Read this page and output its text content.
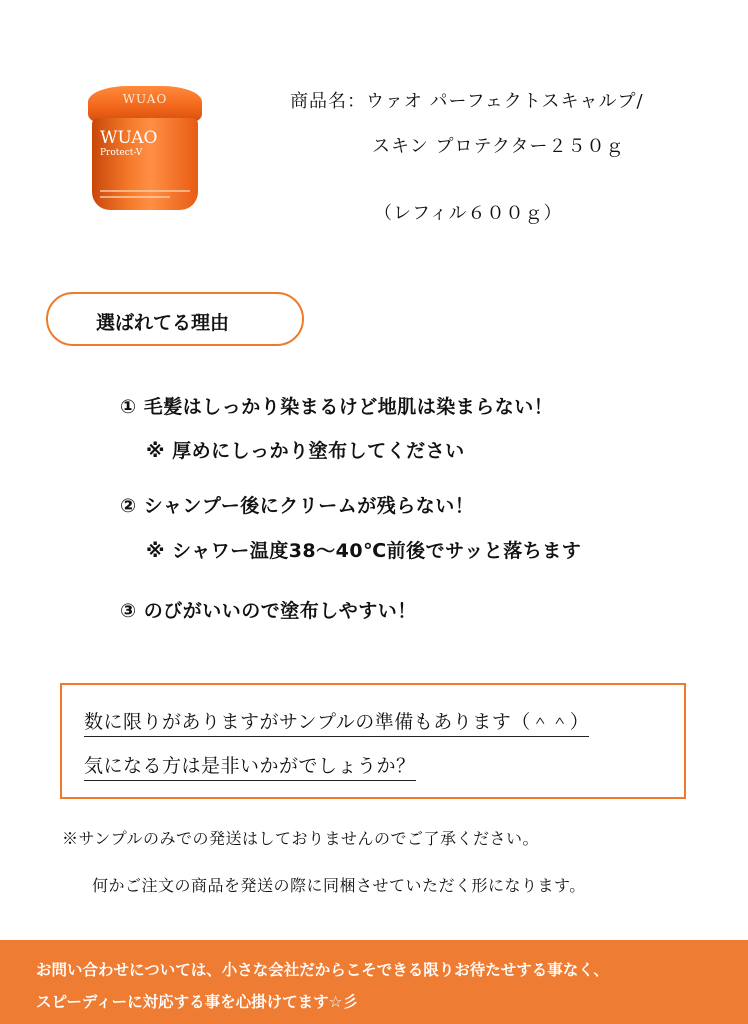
WUAO
WUAO
Protect-V
商品名：ウァオ パーフェクトスキャルプ/
スキン プロテクター２５０ｇ
（レフィル６００ｇ）
選ばれてる理由
① 毛髪はしっかり染まるけど地肌は染まらない！
※ 厚めにしっかり塗布してください
② シャンプー後にクリームが残らない！
※ シャワー温度38～40℃前後でサッと落ちます
③ のびがいいので塗布しやすい！
数に限りがありますがサンプルの準備もあります（＾＾）
気になる方は是非いかがでしょうか？
※サンプルのみでの発送はしておりませんのでご了承ください。
何かご注文の商品を発送の際に同梱させていただく形になります。
お問い合わせについては、小さな会社だからこそできる限りお待たせする事なく、
スピーディーに対応する事を心掛けてます☆彡
